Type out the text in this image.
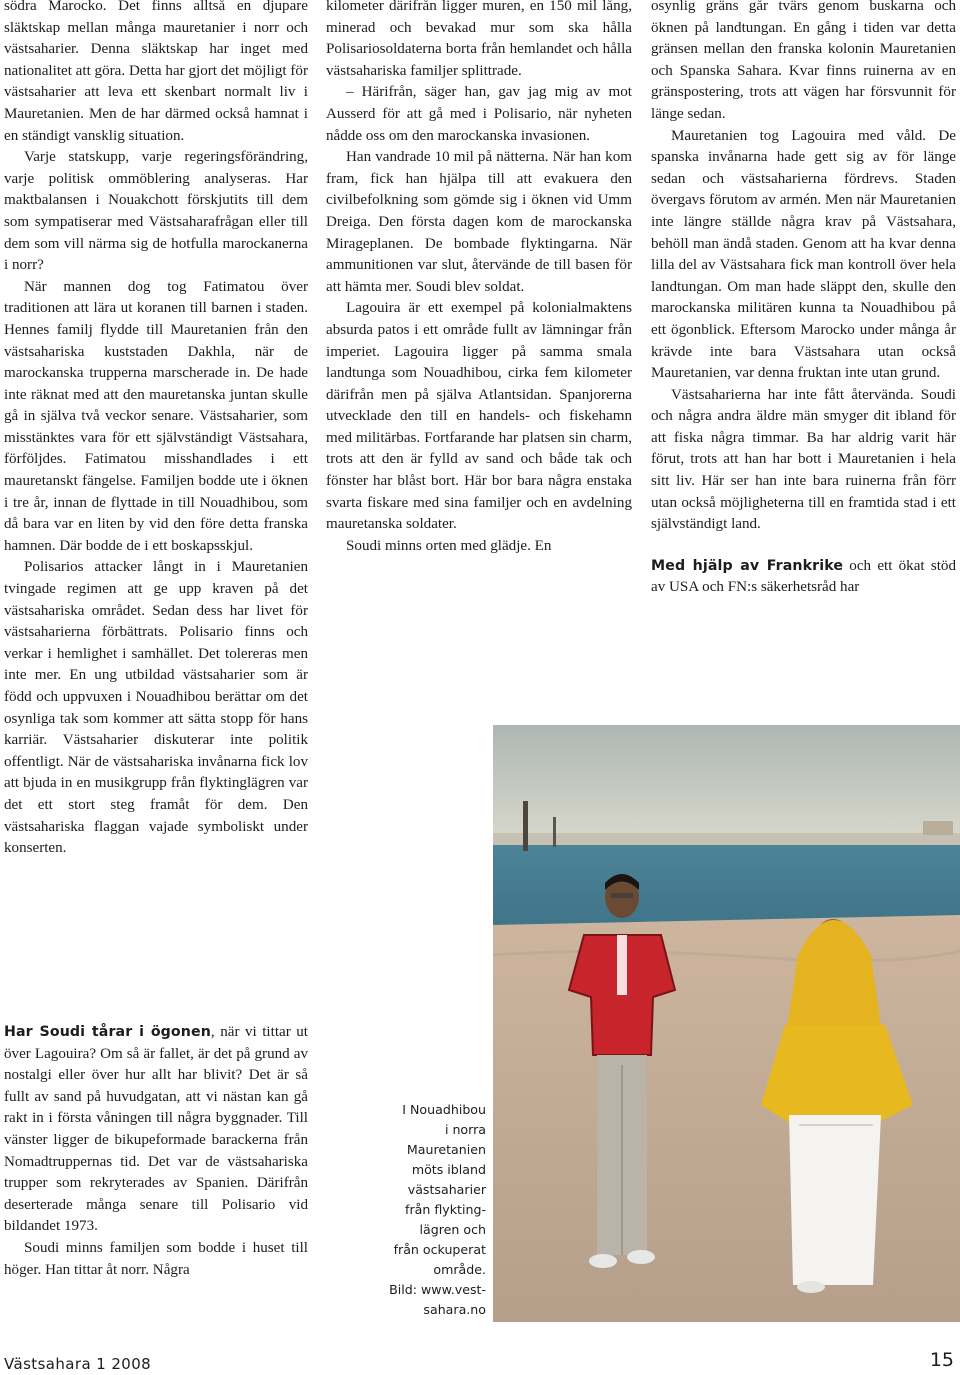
södra Marocko. Det finns alltså en djupare släktskap mellan många mauretanier i norr och västsaharier. Denna släktskap har inget med nationalitet att göra. Detta har gjort det möjligt för västsaharier att leva ett skenbart normalt liv i Mauretanien. Men de har därmed också hamnat i en ständigt vansklig situation.

Varje statskupp, varje regeringsförändring, varje politisk ommöblering analyseras. Har maktbalansen i Nouakchott förskjutits till dem som sympatiserar med Västsaharafrågan eller till dem som vill närma sig de hotfulla marockanerna i norr?

När mannen dog tog Fatimatou över traditionen att lära ut koranen till barnen i staden. Hennes familj flydde till Mauretanien från den västsahariska kuststaden Dakhla, när de marockanska trupperna marscherade in. De hade inte räknat med att den mauretanska juntan skulle gå in själva två veckor senare. Västsaharier, som misstänktes vara för ett självständigt Västsahara, förföljdes. Fatimatou misshandlades i ett mauretanskt fängelse. Familjen bodde ute i öknen i tre år, innan de flyttade in till Nouadhibou, som då bara var en liten by vid den före detta franska hamnen. Där bodde de i ett boskapsskjul.

Polisarios attacker långt in i Mauretanien tvingade regimen att ge upp kraven på det västsahariska området. Sedan dess har livet för västsaharierna förbättrats. Polisario finns och verkar i hemlighet i samhället. Det tolereras men inte mer. En ung utbildad västsaharier som är född och uppvuxen i Nouadhibou berättar om det osynliga tak som kommer att sätta stopp för hans karriär. Västsaharier diskuterar inte politik offentligt. När de västsahariska invånarna fick lov att bjuda in en musikgrupp från flyktinglägren var det ett stort steg framåt för dem. Den västsahariska flaggan vajade symboliskt under konserten.

Har Soudi tårar i ögonen, när vi tittar ut över Lagouira? Om så är fallet, är det på grund av nostalgi eller över hur allt har blivit? Det är så fullt av sand på huvudgatan, att vi nästan kan gå rakt in i första våningen till några byggnader. Till vänster ligger de bikupeformade barackerna från Nomadtruppernas tid. Det var de västsahariska trupper som rekryterades av Spanien. Därifrån deserterade många senare till Polisario vid bildandet 1973.

Soudi minns familjen som bodde i huset till höger. Han tittar åt norr. Några

kilometer därifrån ligger muren, en 150 mil lång, minerad och bevakad mur som ska hålla Polisariosoldaterna borta från hemlandet och hålla västsahariska familjer splittrade.

– Härifrån, säger han, gav jag mig av mot Ausserd för att gå med i Polisario, när nyheten nådde oss om den marockanska invasionen.

Han vandrade 10 mil på nätterna. När han kom fram, fick han hjälpa till att evakuera den civilbefolkning som gömde sig i öknen vid Umm Dreiga. Den första dagen kom de marockanska Mirageplanen. De bombade flyktingarna. När ammunitionen var slut, återvände de till basen för att hämta mer. Soudi blev soldat.

Lagouira är ett exempel på kolonialmaktens absurda patos i ett område fullt av lämningar från imperiet. Lagouira ligger på samma smala landtunga som Nouadhibou, cirka fem kilometer därifrån men på själva Atlantsidan. Spanjorerna utvecklade den till en handels- och fiskehamn med militärbas. Fortfarande har platsen sin charm, trots att den är fylld av sand och både tak och fönster har blåst bort. Här bor bara några enstaka svarta fiskare med sina familjer och en avdelning mauretanska soldater.

Soudi minns orten med glädje. En

osynlig gräns går tvärs genom buskarna och öknen på landtungan. En gång i tiden var detta gränsen mellan den franska kolonin Mauretanien och Spanska Sahara. Kvar finns ruinerna av en gränspostering, trots att vägen har försvunnit för länge sedan.

Mauretanien tog Lagouira med våld. De spanska invånarna hade gett sig av för länge sedan och västsaharierna fördrevs. Staden övergavs förutom av armén. Men när Mauretanien inte längre ställde några krav på Västsahara, behöll man ändå staden. Genom att ha kvar denna lilla del av Västsahara fick man kontroll över hela landtungan. Om man hade släppt den, skulle den marockanska militären kunna ta Nouadhibou på ett ögonblick. Eftersom Marocko under många år krävde inte bara Västsahara utan också Mauretanien, var denna fruktan inte utan grund.

Västsaharierna har inte fått återvända. Soudi och några andra äldre män smyger dit ibland för att fiska några timmar. Ba har aldrig varit här förut, trots att han har bott i Mauretanien i hela sitt liv. Här ser han inte bara ruinerna från förr utan också möjligheterna till en framtida stad i ett självständigt land.

Med hjälp av Frankrike och ett ökat stöd av USA och FN:s säkerhetsråd har

I Nouadhibou
i norra
Mauretanien
möts ibland
västsaharier
från flykting-
lägren och
från ockuperat
område.
Bild: www.vest-
sahara.no
Västsahara 1 2008	15
